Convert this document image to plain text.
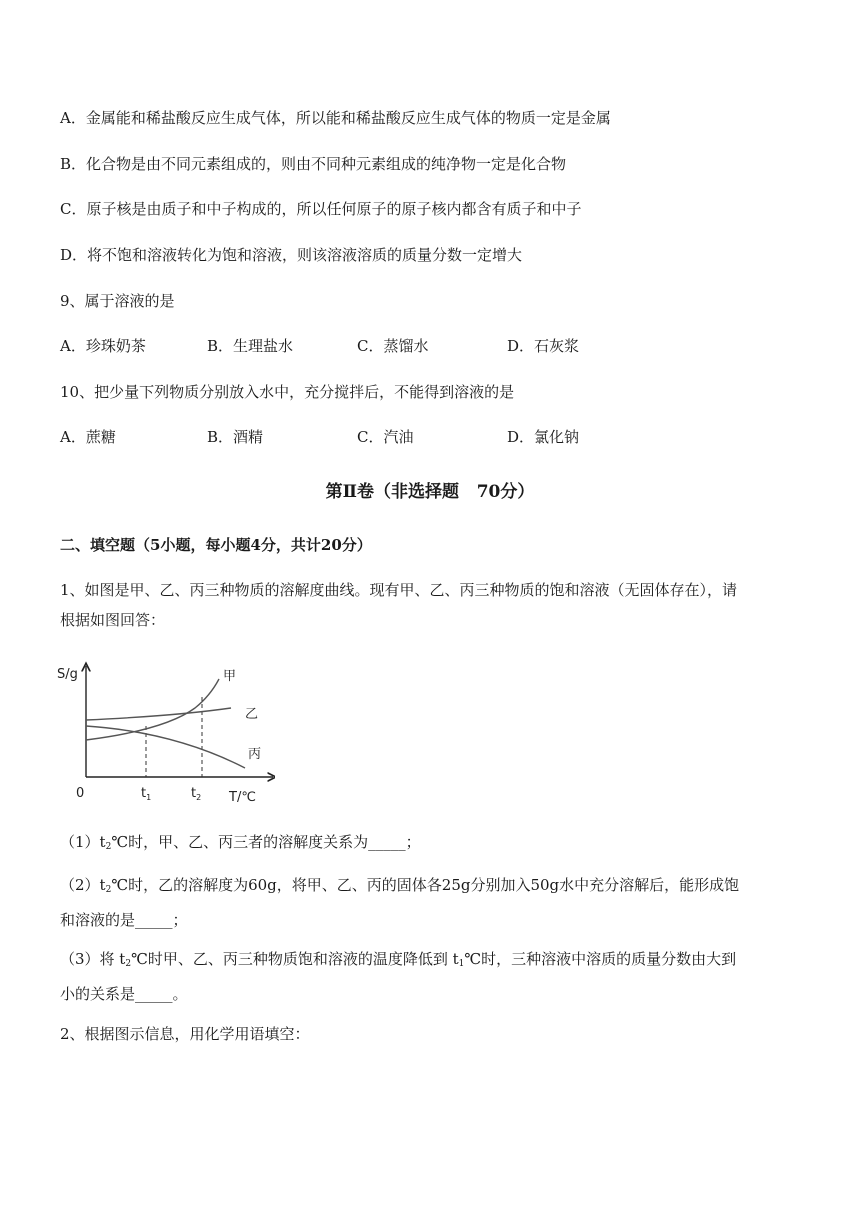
A．金属能和稀盐酸反应生成气体，所以能和稀盐酸反应生成气体的物质一定是金属
B．化合物是由不同元素组成的，则由不同种元素组成的纯净物一定是化合物
C．原子核是由质子和中子构成的，所以任何原子的原子核内都含有质子和中子
D．将不饱和溶液转化为饱和溶液，则该溶液溶质的质量分数一定增大
9、属于溶液的是
A．珍珠奶茶	B．生理盐水	C．蒸馏水	D．石灰浆
10、把少量下列物质分别放入水中，充分搅拌后，不能得到溶液的是
A．蔗糖	B．酒精	C．汽油	D．氯化钠
第Ⅱ卷（非选择题   70分）
二、填空题（5小题，每小题4分，共计20分）
1、如图是甲、乙、丙三种物质的溶解度曲线。现有甲、乙、丙三种物质的饱和溶液（无固体存在），请
根据如图回答：
S/g
0	$t_1$	$t_2$ T/℃
甲
乙
丙
$(1)t_2℃$时，甲、乙、丙三者的溶解度关系为_____；
$(2)t_2℃$时，乙的溶解度为60g，将甲、乙、丙的固体各25g分别加入50g水中充分溶解后，能形成饱
和溶液的是_____；
（3）将 $t_2℃$时甲、乙、丙三种物质饱和溶液的温度降低到 $t_1℃$时，三种溶液中溶质的质量分数由大到
小的关系是_____。
2、根据图示信息，用化学用语填空：
